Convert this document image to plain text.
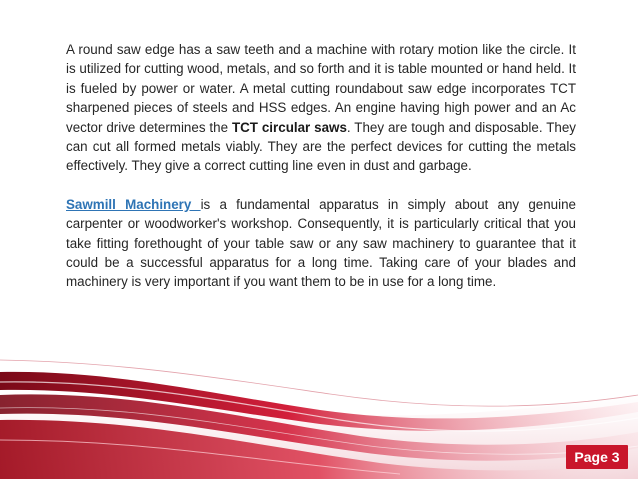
A round saw edge has a saw teeth and a machine with rotary motion like the circle. It is utilized for cutting wood, metals, and so forth and it is table mounted or hand held. It is fueled by power or water. A metal cutting roundabout saw edge incorporates TCT sharpened pieces of steels and HSS edges. An engine having high power and an Ac vector drive determines the TCT circular saws. They are tough and disposable. They can cut all formed metals viably. They are the perfect devices for cutting the metals effectively. They give a correct cutting line even in dust and garbage.

Sawmill Machinery is a fundamental apparatus in simply about any genuine carpenter or woodworker's workshop. Consequently, it is particularly critical that you take fitting forethought of your table saw or any saw machinery to guarantee that it could be a successful apparatus for a long time. Taking care of your blades and machinery is very important if you want them to be in use for a long time.

Page 3
